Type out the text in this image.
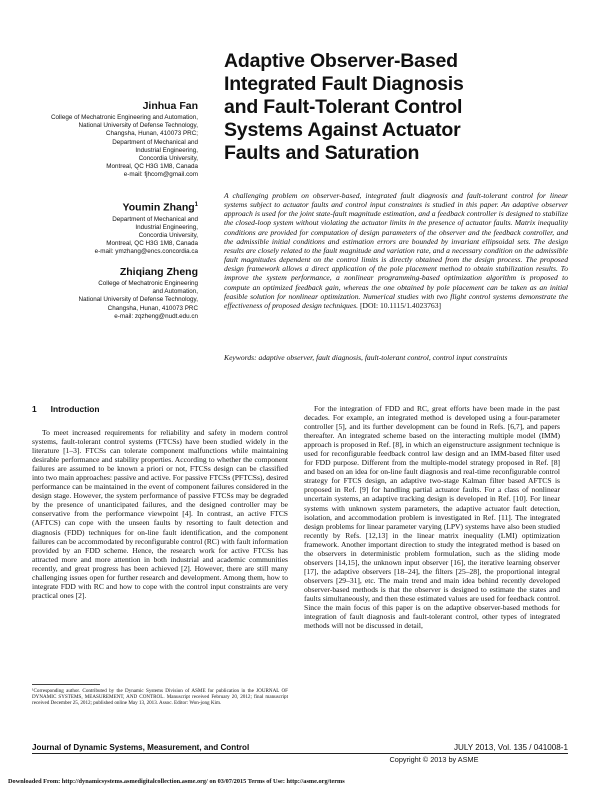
Adaptive Observer-Based
Integrated Fault Diagnosis
and Fault-Tolerant Control
Systems Against Actuator
Faults and Saturation
Jinhua Fan
College of Mechatronic Engineering and Automation,
National University of Defense Technology,
Changsha, Hunan, 410073 PRC;
Department of Mechanical and
Industrial Engineering,
Concordia University,
Montreal, QC H3G 1M8, Canada
e-mail: fjhcom@gmail.com
Youmin Zhang$^1$
Department of Mechanical and
Industrial Engineering,
Concordia University,
Montreal, QC H3G 1M8, Canada
e-mail: ymzhang@encs.concordia.ca
Zhiqiang Zheng
College of Mechatronic Engineering
and Automation,
National University of Defense Technology,
Changsha, Hunan, 410073 PRC
e-mail: zqzheng@nudt.edu.cn
A challenging problem on observer-based, integrated fault diagnosis and fault-tolerant control for linear systems subject to actuator faults and control input constraints is studied in this paper. An adaptive observer approach is used for the joint state-fault magnitude estimation, and a feedback controller is designed to stabilize the closed-loop system without violating the actuator limits in the presence of actuator faults. Matrix inequality conditions are provided for computation of design parameters of the observer and the feedback controller, and the admissible initial conditions and estimation errors are bounded by invariant ellipsoidal sets. The design results are closely related to the fault magnitude and variation rate, and a necessary condition on the admissible fault magnitudes dependent on the control limits is directly obtained from the design process. The proposed design framework allows a direct application of the pole placement method to obtain stabilization results. To improve the system performance, a nonlinear programming-based optimization algorithm is proposed to compute an optimized feedback gain, whereas the one obtained by pole placement can be taken as an initial feasible solution for nonlinear optimization. Numerical studies with two flight control systems demonstrate the effectiveness of proposed design techniques. [DOI: 10.1115/1.4023763]
Keywords: adaptive observer, fault diagnosis, fault-tolerant control, control input constraints
1 Introduction

To meet increased requirements for reliability and safety in modern control systems, fault-tolerant control systems (FTCSs) have been studied widely in the literature [1–3]. FTCSs can tolerate component malfunctions while maintaining desirable performance and stability properties. According to whether the component failures are assumed to be known a priori or not, FTCSs design can be classified into two main approaches: passive and active. For passive FTCSs (PFTCSs), desired performance can be maintained in the event of component failures considered in the design stage. However, the system performance of passive FTCSs may be degraded by the presence of unanticipated failures, and the designed controller may be conservative from the performance viewpoint [4]. In contrast, an active FTCS (AFTCS) can cope with the unseen faults by resorting to fault detection and diagnosis (FDD) techniques for on-line fault identification, and the component failures can be accommodated by reconfigurable control (RC) with fault information provided by an FDD scheme. Hence, the research work for active FTCSs has attracted more and more attention in both industrial and academic communities recently, and great progress has been achieved [2]. However, there are still many challenging issues open for further research and development. Among them, how to integrate FDD with RC and how to cope with the control input constraints are very practical ones [2].

For the integration of FDD and RC, great efforts have been made in the past decades. For example, an integrated method is developed using a four-parameter controller [5], and its further development can be found in Refs. [6,7], and papers thereafter. An integrated scheme based on the interacting multiple model (IMM) approach is proposed in Ref. [8], in which an eigenstructure assignment technique is used for reconfigurable feedback control law design and an IMM-based filter used for FDD purpose. Different from the multiple-model strategy proposed in Ref. [8] and based on an idea for on-line fault diagnosis and real-time reconfigurable control strategy for FTCS design, an adaptive two-stage Kalman filter based AFTCS is proposed in Ref. [9] for handling partial actuator faults. For a class of nonlinear uncertain systems, an adaptive tracking design is developed in Ref. [10]. For linear systems with unknown system parameters, the adaptive actuator fault detection, isolation, and accommodation problem is investigated in Ref. [11]. The integrated design problems for linear parameter varying (LPV) systems have also been studied recently by Refs. [12,13] in the linear matrix inequality (LMI) optimization framework. Another important direction to study the integrated method is based on the observers in deterministic problem formulation, such as the sliding mode observers [14,15], the unknown input observer [16], the iterative learning observer [17], the adaptive observers [18–24], the filters [25–28], the proportional integral observers [29–31], etc. The main trend and main idea behind recently developed observer-based methods is that the observer is designed to estimate the states and faults simultaneously, and then these estimated values are used for feedback control. Since the main focus of this paper is on the adaptive observer-based methods for integration of fault diagnosis and fault-tolerant control, other types of integrated methods will not be discussed in detail,

¹Corresponding author. Contributed by the Dynamic Systems Division of ASME for publication in the JOURNAL OF DYNAMIC SYSTEMS, MEASUREMENT, AND CONTROL. Manuscript received February 20, 2012; final manuscript received December 25, 2012; published online May 13, 2013. Assoc. Editor: Won-jong Kim.
Journal of Dynamic Systems, Measurement, and Control	JULY 2013, Vol. 135 / 041008-1
Copyright © 2013 by ASME
Downloaded From: http://dynamicsystems.asmedigitalcollection.asme.org/ on 03/07/2015 Terms of Use: http://asme.org/terms
